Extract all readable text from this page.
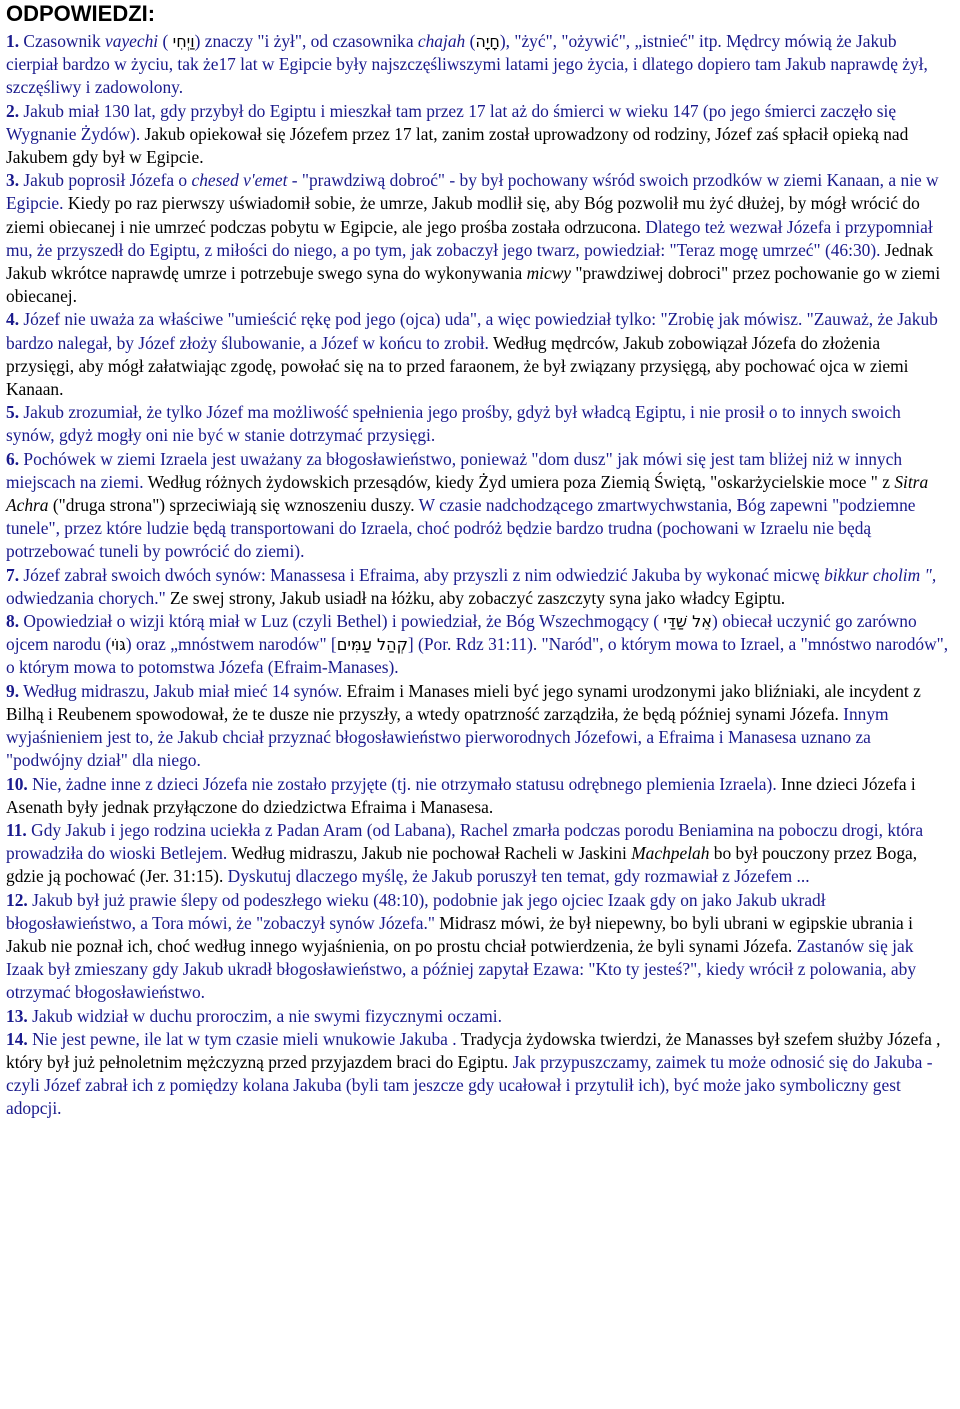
ODPOWIEDZI:

1. Czasownik vayechi ( וַיְחִי) znaczy "i żył", od czasownika chajah (חָיָה), "żyć", "ożywić", „istnieć" itp. Mędrcy mówią że Jakub cierpiał bardzo w życiu, tak że17 lat w Egipcie były najszczęśliwszymi latami jego życia, i dlatego dopiero tam Jakub naprawdę żył, szczęśliwy i zadowolony.

2. Jakub miał 130 lat, gdy przybył do Egiptu i mieszkał tam przez 17 lat aż do śmierci w wieku 147 (po jego śmierci zaczęło się Wygnanie Żydów). Jakub opiekował się Józefem przez 17 lat, zanim został uprowadzony od rodziny, Józef zaś spłacił opieką nad Jakubem gdy był w Egipcie.

3. Jakub poprosił Józefa o chesed v'emet - "prawdziwą dobroć" - by był pochowany wśród swoich przodków w ziemi Kanaan, a nie w Egipcie. Kiedy po raz pierwszy uświadomił sobie, że umrze, Jakub modlił się, aby Bóg pozwolił mu żyć dłużej, by mógł wrócić do ziemi obiecanej i nie umrzeć podczas pobytu w Egipcie, ale jego prośba została odrzucona. Dlatego też wezwał Józefa i przypomniał mu, że przyszedł do Egiptu, z miłości do niego, a po tym, jak zobaczył jego twarz, powiedział: "Teraz mogę umrzeć" (46:30). Jednak Jakub wkrótce naprawdę umrze i potrzebuje swego syna do wykonywania micwy "prawdziwej dobroci" przez pochowanie go w ziemi obiecanej.

4. Józef nie uważa za właściwe "umieścić rękę pod jego (ojca) uda", a więc powiedział tylko: "Zrobię jak mówisz. "Zauważ, że Jakub bardzo nalegał, by Józef złoży ślubowanie, a Józef w końcu to zrobił. Według mędrców, Jakub zobowiązał Józefa do złożenia przysięgi, aby mógł załatwiając zgodę, powołać się na to przed faraonem, że był związany przysięgą, aby pochować ojca w ziemi Kanaan.

5. Jakub zrozumiał, że tylko Józef ma możliwość spełnienia jego prośby, gdyż był władcą Egiptu, i nie prosił o to innych swoich synów, gdyż mogły oni nie być w stanie dotrzymać przysięgi.

6. Pochówek w ziemi Izraela jest uważany za błogosławieństwo, ponieważ "dom dusz" jak mówi się jest tam bliżej niż w innych miejscach na ziemi. Według różnych żydowskich przesądów, kiedy Żyd umiera poza Ziemią Świętą, "oskarżycielskie moce " z Sitra Achra ("druga strona") sprzeciwiają się wznoszeniu duszy. W czasie nadchodzącego zmartwychwstania, Bóg zapewni "podziemne tunele", przez które ludzie będą transportowani do Izraela, choć podróż będzie bardzo trudna (pochowani w Izraelu nie będą potrzebować tuneli by powrócić do ziemi).

7. Józef zabrał swoich dwóch synów: Manassesa i Efraima, aby przyszli z nim odwiedzić Jakuba by wykonać micwę bikkur cholim ", odwiedzania chorych." Ze swej strony, Jakub usiadł na łóżku, aby zobaczyć zaszczyty syna jako władcy Egiptu.

8. Opowiedział o wizji którą miał w Luz (czyli Bethel) i powiedział, że Bóg Wszechmogący ( אֵל שַׁדַּי) obiecał uczynić go zarówno ojcem narodu (גּוֹי) oraz „mnóstwem narodów" [קְהַל עַמִּים] (Por. Rdz 31:11). "Naród", o którym mowa to Izrael, a "mnóstwo narodów", o którym mowa to potomstwa Józefa (Efraim-Manases).

9. Według midraszu, Jakub miał mieć 14 synów. Efraim i Manases mieli być jego synami urodzonymi jako bliźniaki, ale incydent z Bilhą i Reubenem spowodował, że te dusze nie przyszły, a wtedy opatrzność zarządziła, że będą później synami Józefa. Innym wyjaśnieniem jest to, że Jakub chciał przyznać błogosławieństwo pierworodnych Józefowi, a Efraima i Manasesa uznano za "podwójny dział" dla niego.

10. Nie, żadne inne z dzieci Józefa nie zostało przyjęte (tj. nie otrzymało statusu odrębnego plemienia Izraela). Inne dzieci Józefa i Asenath były jednak przyłączone do dziedzictwa Efraima i Manasesa.

11. Gdy Jakub i jego rodzina uciekła z Padan Aram (od Labana), Rachel zmarła podczas porodu Beniamina na poboczu drogi, która prowadziła do wioski Betlejem. Według midraszu, Jakub nie pochował Racheli w Jaskini Machpelah bo był pouczony przez Boga, gdzie ją pochować (Jer. 31:15). Dyskutuj dlaczego myślę, że Jakub poruszył ten temat, gdy rozmawiał z Józefem ...

12. Jakub był już prawie ślepy od podeszłego wieku (48:10), podobnie jak jego ojciec Izaak gdy on jako Jakub ukradł błogosławieństwo, a Tora mówi, że "zobaczył synów Józefa." Midrasz mówi, że był niepewny, bo byli ubrani w egipskie ubrania i Jakub nie poznał ich, choć według innego wyjaśnienia, on po prostu chciał potwierdzenia, że byli synami Józefa. Zastanów się jak Izaak był zmieszany gdy Jakub ukradł błogosławieństwo, a później zapytał Ezawa: "Kto ty jesteś?", kiedy wrócił z polowania, aby otrzymać błogosławieństwo.

13. Jakub widział w duchu proroczim, a nie swymi fizycznymi oczami.

14. Nie jest pewne, ile lat w tym czasie mieli wnukowie Jakuba . Tradycja żydowska twierdzi, że Manasses był szefem służby Józefa , który był już pełnoletnim mężczyzną przed przyjazdem braci do Egiptu. Jak przypuszczamy, zaimek tu może odnosić się do Jakuba - czyli Józef zabrał ich z pomiędzy kolana Jakuba (byli tam jeszcze gdy ucałował i przytulił ich), być może jako symboliczny gest adopcji.
